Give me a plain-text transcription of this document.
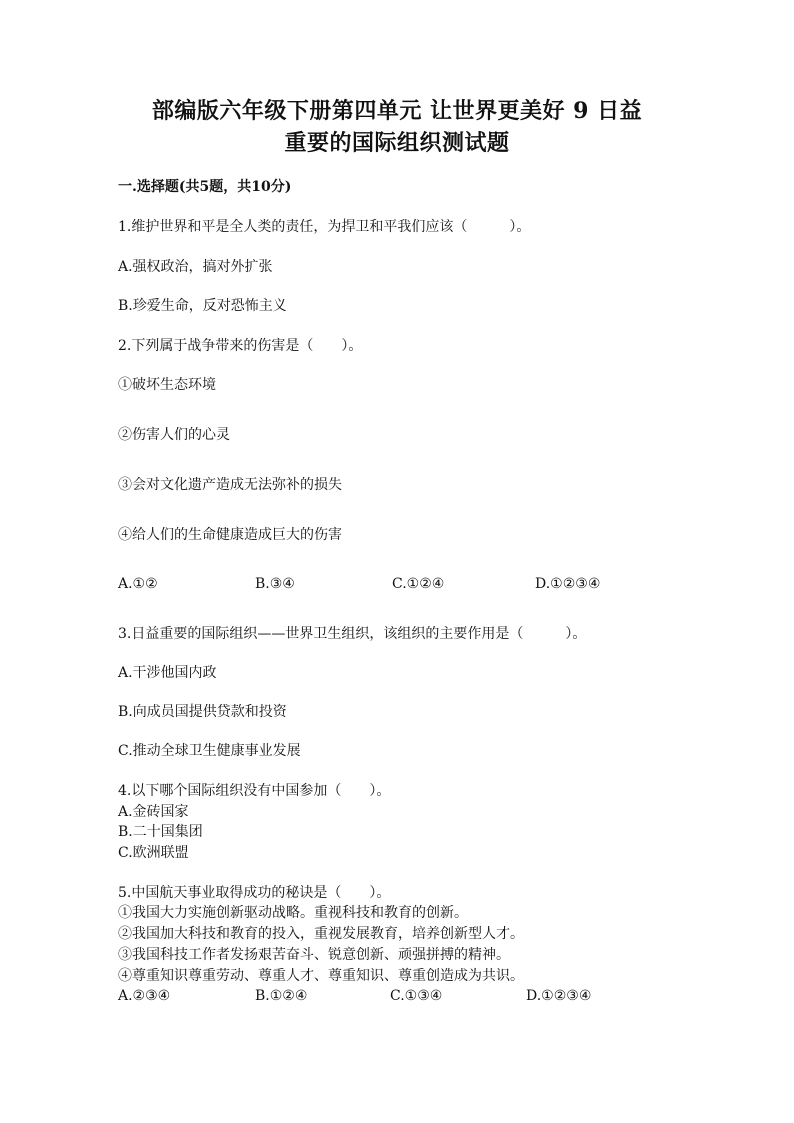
部编版六年级下册第四单元 让世界更美好 9 日益
重要的国际组织测试题
一.选择题(共5题，共10分)
1.维护世界和平是全人类的责任，为捍卫和平我们应该（　　　）。
A.强权政治，搞对外扩张
B.珍爱生命，反对恐怖主义
2.下列属于战争带来的伤害是（　　）。
①破坏生态环境
②伤害人们的心灵
③会对文化遗产造成无法弥补的损失
④给人们的生命健康造成巨大的伤害
A.①②	B.③④	C.①②④	D.①②③④
3.日益重要的国际组织——世界卫生组织，该组织的主要作用是（　　　）。
A.干涉他国内政
B.向成员国提供贷款和投资
C.推动全球卫生健康事业发展
4.以下哪个国际组织没有中国参加（　　）。
A.金砖国家
B.二十国集团
C.欧洲联盟
5.中国航天事业取得成功的秘诀是（　　）。
①我国大力实施创新驱动战略。重视科技和教育的创新。
②我国加大科技和教育的投入，重视发展教育，培养创新型人才。
③我国科技工作者发扬艰苦奋斗、锐意创新、顽强拼搏的精神。
④尊重知识尊重劳动、尊重人才、尊重知识、尊重创造成为共识。
A.②③④	B.①②④	C.①③④	D.①②③④
